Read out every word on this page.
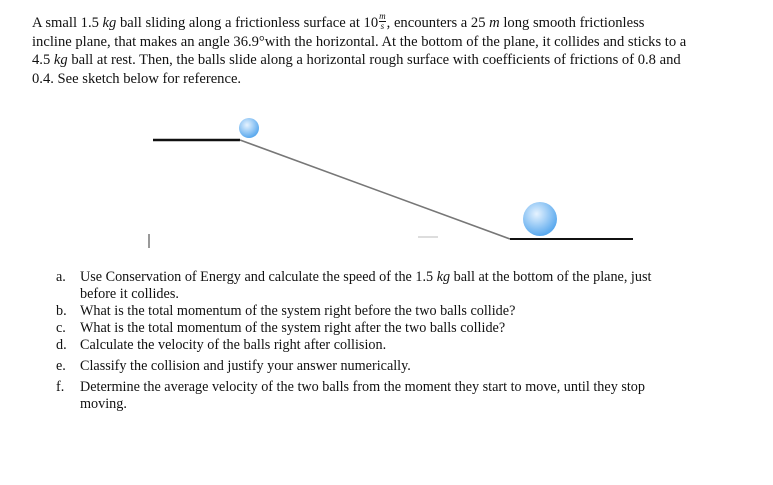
A small 1.5 kg ball sliding along a frictionless surface at $10 \frac{m}{s}$ , encounters a 25 m long smooth frictionless
incline plane, that makes an angle 36.9°with the horizontal. At the bottom of the plane, it collides and sticks to a
4.5 kg ball at rest. Then, the balls slide along a horizontal rough surface with coefficients of frictions of 0.8 and
0.4. See sketch below for reference.
a. Use Conservation of Energy and calculate the speed of the 1.5 kg ball at the bottom of the plane, just
before it collides.
b. What is the total momentum of the system right before the two balls collide?
c. What is the total momentum of the system right after the two balls collide?
d. Calculate the velocity of the balls right after collision.
e. Classify the collision and justify your answer numerically.
f. Determine the average velocity of the two balls from the moment they start to move, until they stop
moving.
